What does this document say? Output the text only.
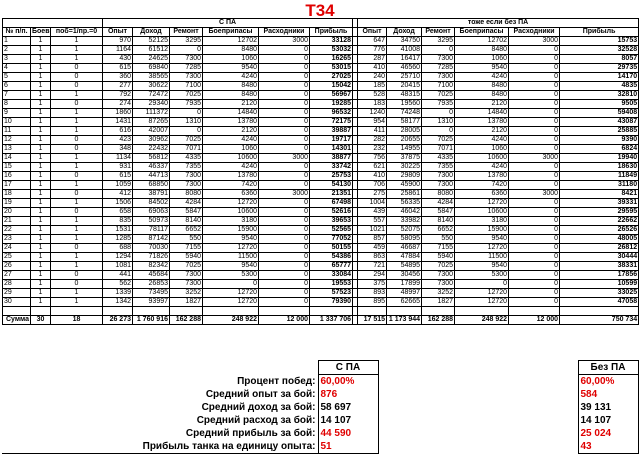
Т34
			С ПА							тоже если без ПА					
№ п/п.	Боев	поб=1/пр.=0	Опыт	Доход	Ремонт	Боеприпасы	Расходники	Прибыль		Опыт	Доход	Ремонт	Боеприпасы	Расходники	Прибыль
1	1	1	970	52125	3295	12702	3000	33128		647	34750	3295	12702	3000	15753
2	1	1	1164	61512	0	8480	0	53032		776	41008	0	8480	0	32528
3	1	1	430	24625	7300	1060	0	16265		287	16417	7300	1060	0	8057
4	1	0	615	69840	7285	9540	0	53015		410	46560	7285	9540	0	29735
5	1	0	360	38565	7300	4240	0	27025		240	25710	7300	4240	0	14170
6	1	0	277	30622	7100	8480	0	15042		185	20415	7100	8480	0	4835
7	1	1	792	72472	7025	8480	0	56967		528	48315	7025	8480	0	32810
8	1	0	274	29340	7935	2120	0	19285		183	19560	7935	2120	0	9505
9	1	1	1860	111372	0	14840	0	96532		1240	74248	0	14840	0	59408
10	1	1	1431	87265	1310	13780	0	72175		954	58177	1310	13780	0	43087
11	1	1	616	42007	0	2120	0	39887		411	28005	0	2120	0	25885
12	1	0	423	30962	7025	4240	0	19717		282	20655	7025	4240	0	9390
13	1	0	348	22432	7071	1060	0	14301		232	14955	7071	1060	0	6824
14	1	1	1134	56812	4335	10600	3000	38877		756	37875	4335	10600	3000	19940
15	1	1	931	46337	7355	4240	0	33742		621	30225	7355	4240	0	18630
16	1	0	615	44713	7300	13780	0	25753		410	29809	7300	13780	0	11849
17	1	1	1059	68850	7300	7420	0	54130		706	45900	7300	7420	0	31180
18	1	0	412	38791	8080	6360	3000	21351		275	25861	8080	6360	3000	8421
19	1	1	1506	84502	4284	12720	0	67498		1004	56335	4284	12720	0	39331
20	1	0	658	69063	5847	10600	0	52616		439	46042	5847	10600	0	29595
21	1	1	835	50973	8140	3180	0	39653		557	33982	8140	3180	0	22662
22	1	1	1531	78117	6652	15900	0	52565		1021	52075	6652	15900	0	26526
23	1	1	1285	87142	550	9540	0	77052		857	58095	550	9540	0	48005
24	1	0	688	70030	7155	12720	0	50155		459	46687	7155	12720	0	26812
25	1	1	1294	71826	5940	11500	0	54386		863	47884	5940	11500	0	30444
26	1	1	1081	82342	7025	9540	0	65777		721	54895	7025	9540	0	38331
27	1	0	441	45684	7300	5300	0	33084		294	30456	7300	5300	0	17856
28	1	0	562	26853	7300	0	0	19553		375	17899	7300	0	0	10599
29	1	1	1339	73495	3252	12720	0	57523		893	48997	3252	12720	0	33025
30	1	1	1342	93997	1827	12720	0	79390		895	62665	1827	12720	0	47058

Сумма	30	18	26 273	1 760 916	162 288	248 922	12 000	1 337 706		17 515	1 173 944	162 288	248 922	12 000	750 734
	С ПА		Без ПА
Процент побед:	60,00%		60,00%
Средний опыт за бой:	876		584
Средний доход за бой:	58 697		39 131
Средний расход за бой:	14 107		14 107
Средний прибыль за бой:	44 590		25 024
Прибыль танка на единицу опыта:	51		43
